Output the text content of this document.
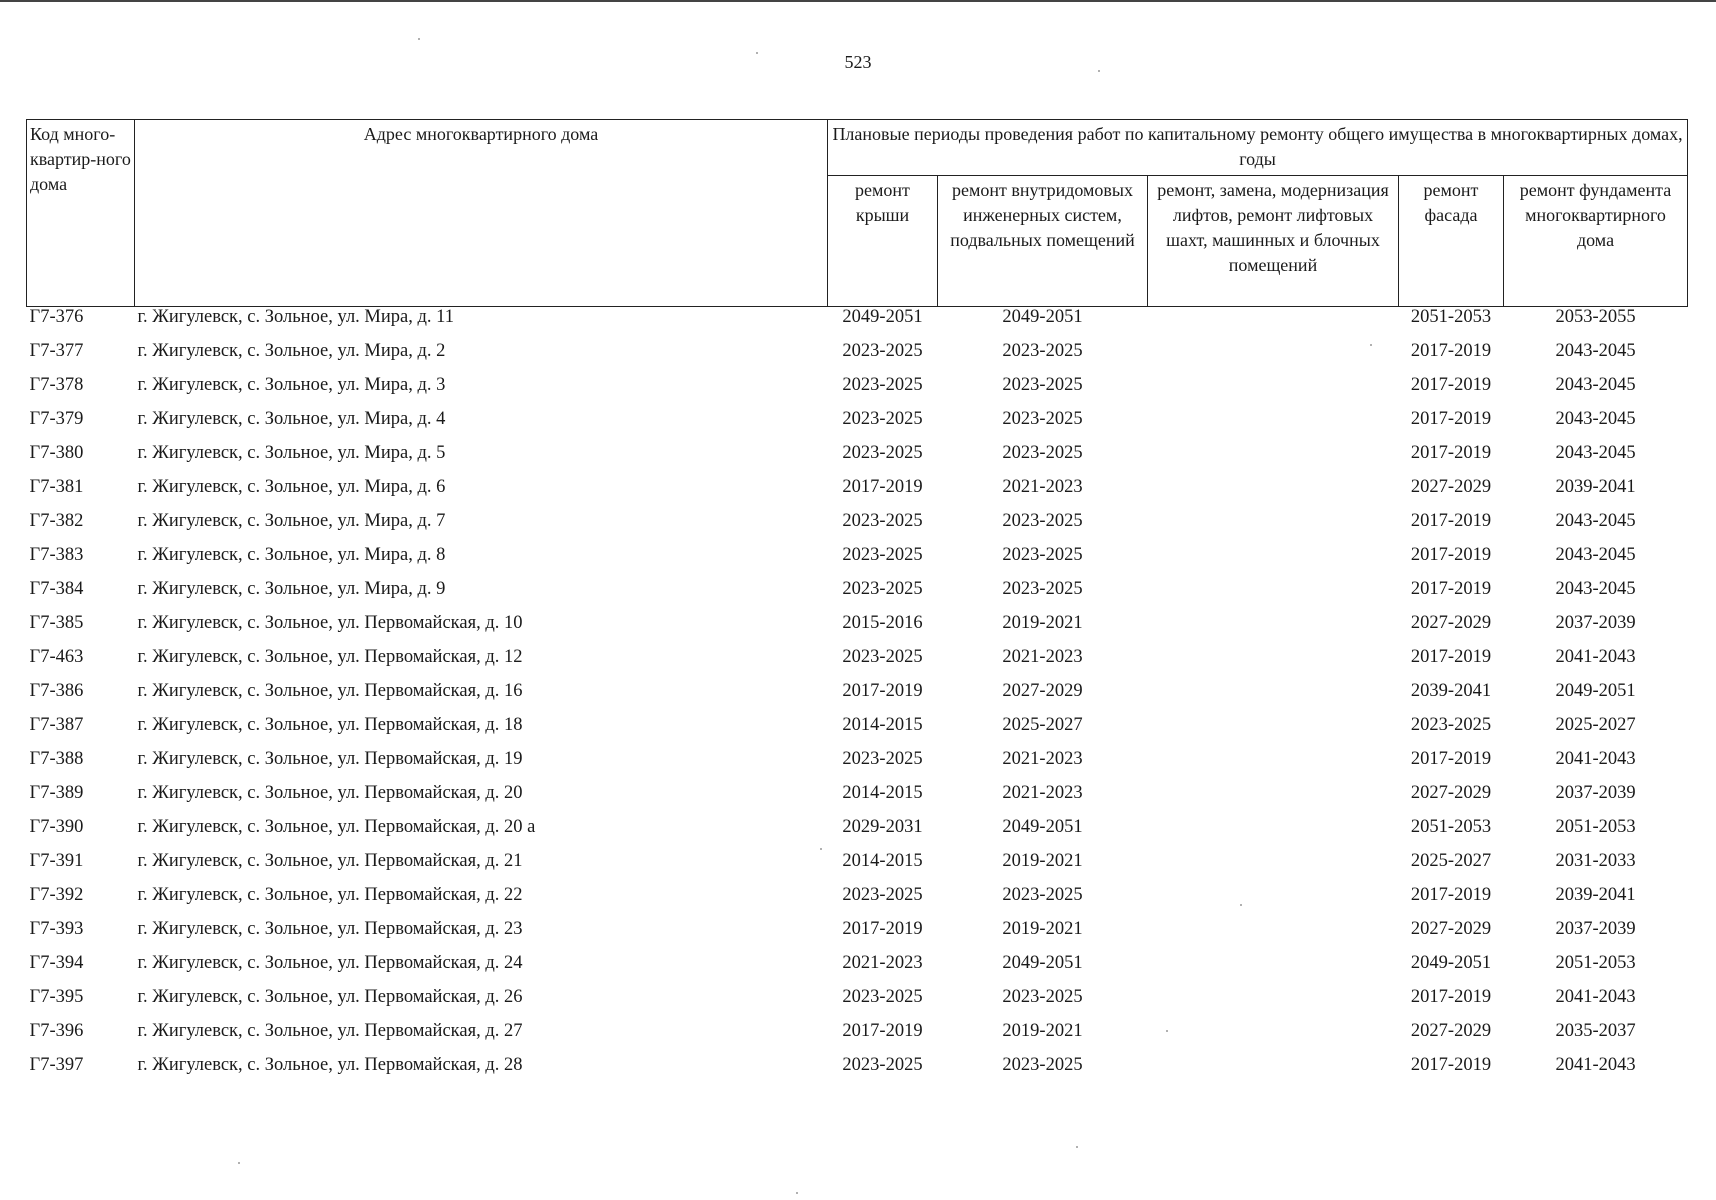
523
Код много-квартир-ного дома	Адрес многоквартирного дома	Плановые периоды проведения работ по капитальному ремонту общего имущества в многоквартирных домах, годы				
		ремонт крыши	ремонт внутридомовых инженерных систем, подвальных помещений	ремонт, замена, модернизация лифтов, ремонт лифтовых шахт, машинных и блочных помещений	ремонт фасада	ремонт фундамента многоквартирного дома
Г7-376	г. Жигулевск, с. Зольное, ул. Мира, д. 11	2049-2051	2049-2051		2051-2053	2053-2055
Г7-377	г. Жигулевск, с. Зольное, ул. Мира, д. 2	2023-2025	2023-2025		2017-2019	2043-2045
Г7-378	г. Жигулевск, с. Зольное, ул. Мира, д. 3	2023-2025	2023-2025		2017-2019	2043-2045
Г7-379	г. Жигулевск, с. Зольное, ул. Мира, д. 4	2023-2025	2023-2025		2017-2019	2043-2045
Г7-380	г. Жигулевск, с. Зольное, ул. Мира, д. 5	2023-2025	2023-2025		2017-2019	2043-2045
Г7-381	г. Жигулевск, с. Зольное, ул. Мира, д. 6	2017-2019	2021-2023		2027-2029	2039-2041
Г7-382	г. Жигулевск, с. Зольное, ул. Мира, д. 7	2023-2025	2023-2025		2017-2019	2043-2045
Г7-383	г. Жигулевск, с. Зольное, ул. Мира, д. 8	2023-2025	2023-2025		2017-2019	2043-2045
Г7-384	г. Жигулевск, с. Зольное, ул. Мира, д. 9	2023-2025	2023-2025		2017-2019	2043-2045
Г7-385	г. Жигулевск, с. Зольное, ул. Первомайская, д. 10	2015-2016	2019-2021		2027-2029	2037-2039
Г7-463	г. Жигулевск, с. Зольное, ул. Первомайская, д. 12	2023-2025	2021-2023		2017-2019	2041-2043
Г7-386	г. Жигулевск, с. Зольное, ул. Первомайская, д. 16	2017-2019	2027-2029		2039-2041	2049-2051
Г7-387	г. Жигулевск, с. Зольное, ул. Первомайская, д. 18	2014-2015	2025-2027		2023-2025	2025-2027
Г7-388	г. Жигулевск, с. Зольное, ул. Первомайская, д. 19	2023-2025	2021-2023		2017-2019	2041-2043
Г7-389	г. Жигулевск, с. Зольное, ул. Первомайская, д. 20	2014-2015	2021-2023		2027-2029	2037-2039
Г7-390	г. Жигулевск, с. Зольное, ул. Первомайская, д. 20 а	2029-2031	2049-2051		2051-2053	2051-2053
Г7-391	г. Жигулевск, с. Зольное, ул. Первомайская, д. 21	2014-2015	2019-2021		2025-2027	2031-2033
Г7-392	г. Жигулевск, с. Зольное, ул. Первомайская, д. 22	2023-2025	2023-2025		2017-2019	2039-2041
Г7-393	г. Жигулевск, с. Зольное, ул. Первомайская, д. 23	2017-2019	2019-2021		2027-2029	2037-2039
Г7-394	г. Жигулевск, с. Зольное, ул. Первомайская, д. 24	2021-2023	2049-2051		2049-2051	2051-2053
Г7-395	г. Жигулевск, с. Зольное, ул. Первомайская, д. 26	2023-2025	2023-2025		2017-2019	2041-2043
Г7-396	г. Жигулевск, с. Зольное, ул. Первомайская, д. 27	2017-2019	2019-2021		2027-2029	2035-2037
Г7-397	г. Жигулевск, с. Зольное, ул. Первомайская, д. 28	2023-2025	2023-2025		2017-2019	2041-2043
